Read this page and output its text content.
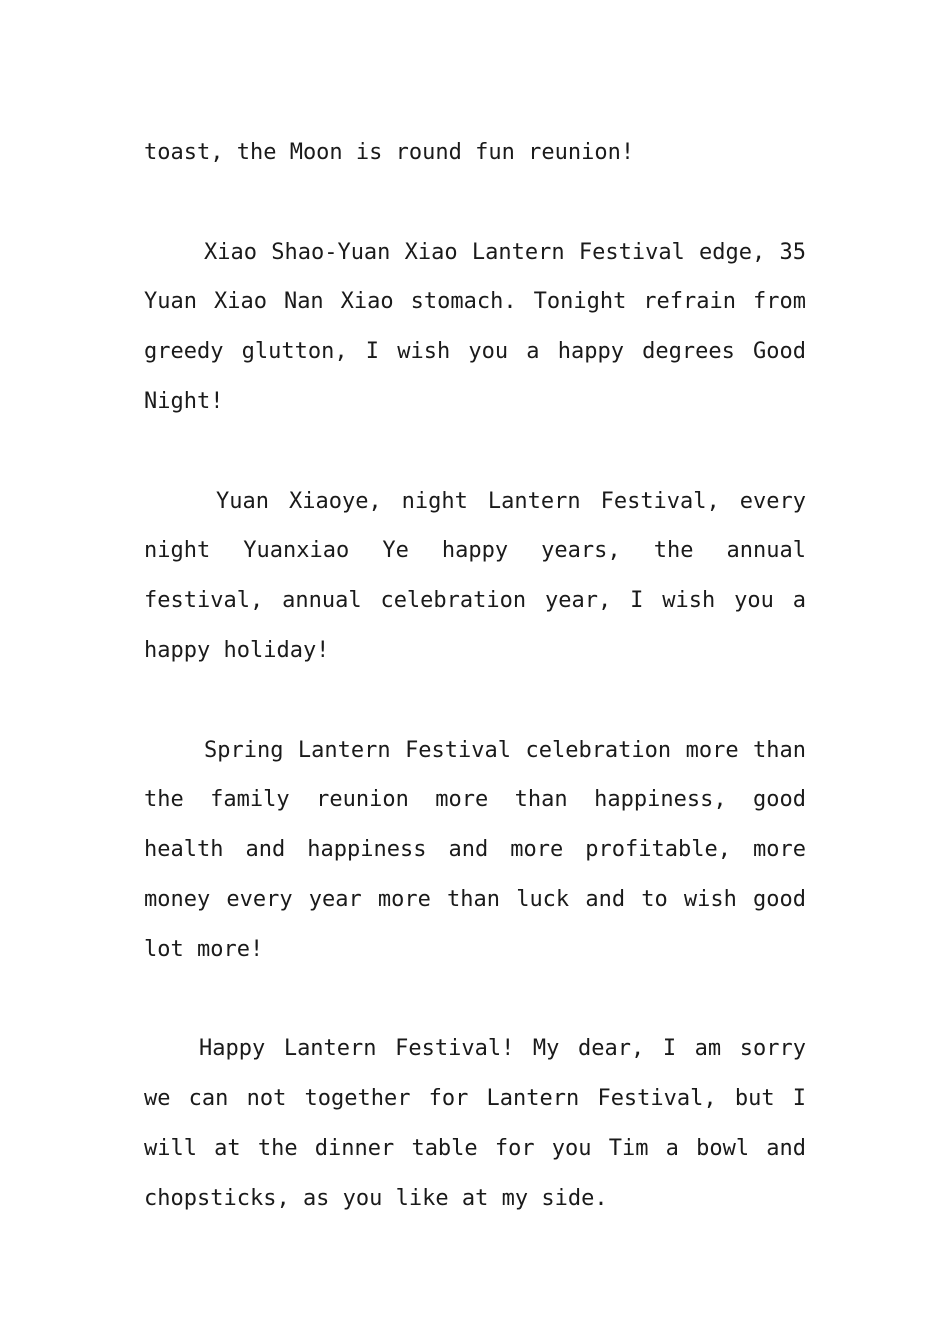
toast, the Moon is round fun reunion!

Xiao Shao-Yuan Xiao Lantern Festival edge, 35 Yuan Xiao Nan Xiao stomach. Tonight refrain from greedy glutton, I wish you a happy degrees Good Night!

Yuan Xiaoye, night Lantern Festival, every night Yuanxiao Ye happy years, the annual festival, annual celebration year, I wish you a happy holiday!

Spring Lantern Festival celebration more than the family reunion more than happiness, good health and happiness and more profitable, more money every year more than luck and to wish good lot more!

Happy Lantern Festival! My dear, I am sorry we can not together for Lantern Festival, but I will at the dinner table for you Tim a bowl and chopsticks, as you like at my side.
